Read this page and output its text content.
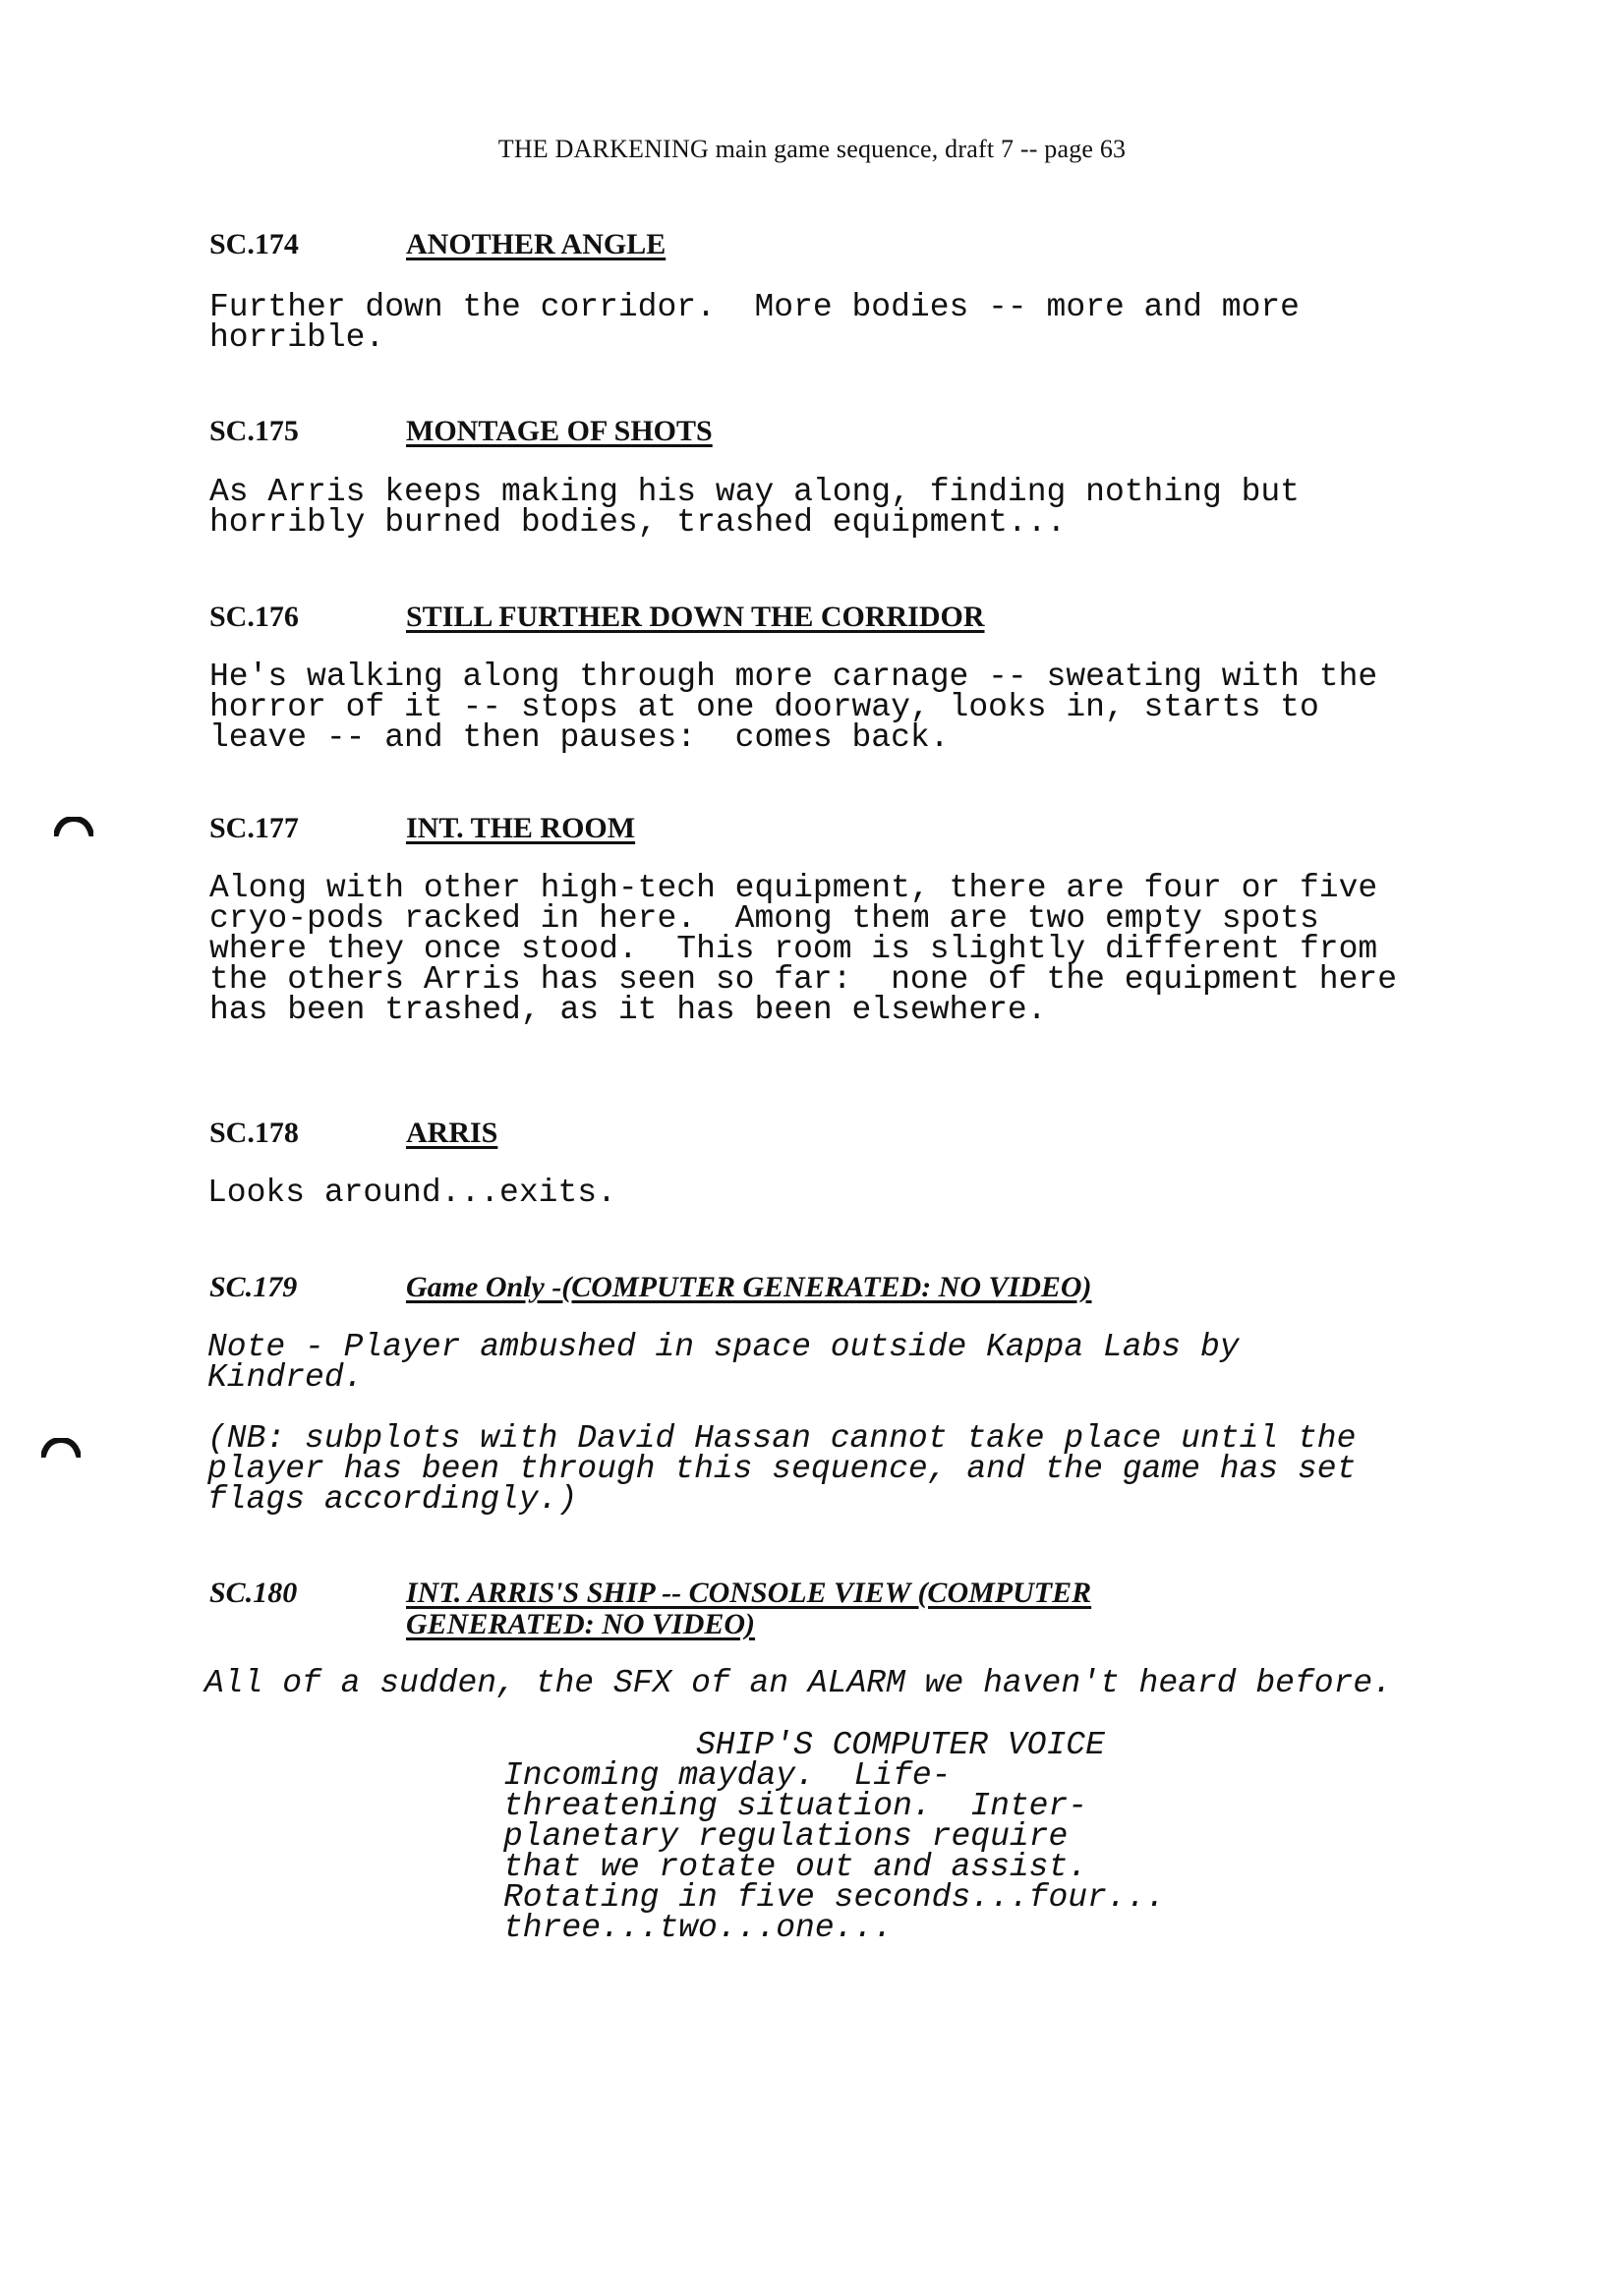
THE DARKENING main game sequence, draft 7 -- page 63
SC.174	ANOTHER ANGLE
Further down the corridor.  More bodies -- more and more
horrible.
SC.175	MONTAGE OF SHOTS
As Arris keeps making his way along, finding nothing but
horribly burned bodies, trashed equipment...
SC.176	STILL FURTHER DOWN THE CORRIDOR
He's walking along through more carnage -- sweating with the
horror of it -- stops at one doorway, looks in, starts to
leave -- and then pauses:  comes back.
SC.177	INT. THE ROOM
Along with other high-tech equipment, there are four or five
cryo-pods racked in here.  Among them are two empty spots
where they once stood.  This room is slightly different from
the others Arris has seen so far:  none of the equipment here
has been trashed, as it has been elsewhere.
SC.178	ARRIS
Looks around...exits.
SC.179	Game Only -(COMPUTER GENERATED: NO VIDEO)
Note - Player ambushed in space outside Kappa Labs by
Kindred.
(NB: subplots with David Hassan cannot take place until the
player has been through this sequence, and the game has set
flags accordingly.)
SC.180	INT. ARRIS'S SHIP -- CONSOLE VIEW (COMPUTER
GENERATED: NO VIDEO)
All of a sudden, the SFX of an ALARM we haven't heard before.
SHIP'S COMPUTER VOICE
Incoming mayday.  Life-
threatening situation.  Inter-
planetary regulations require
that we rotate out and assist.
Rotating in five seconds...four...
three...two...one...
